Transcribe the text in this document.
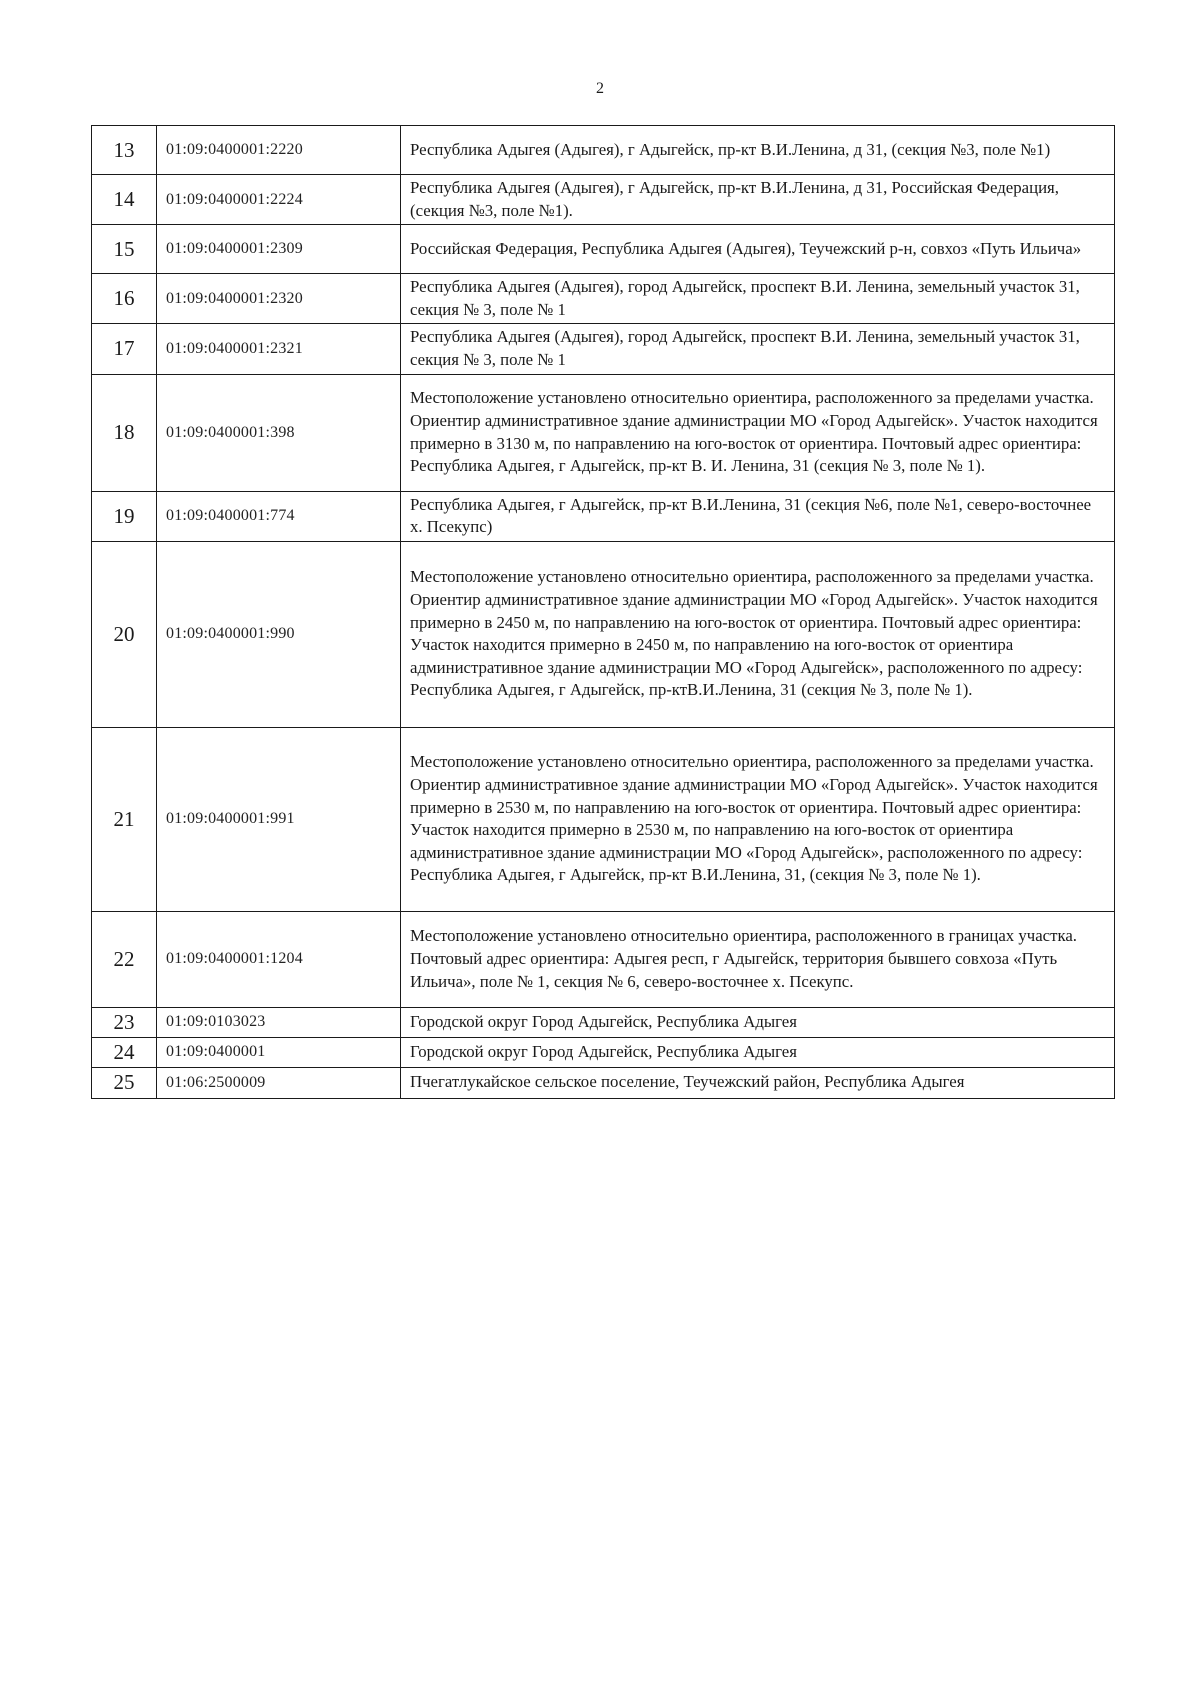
2
13	01:09:0400001:2220	Республика Адыгея (Адыгея), г Адыгейск, пр-кт В.И.Ленина, д 31, (секция №3, поле №1)
14	01:09:0400001:2224	Республика Адыгея (Адыгея), г Адыгейск, пр-кт В.И.Ленина, д 31, Российская Федерация, (секция №3, поле №1).
15	01:09:0400001:2309	Российская Федерация, Республика Адыгея (Адыгея), Теучежский р-н, совхоз «Путь Ильича»
16	01:09:0400001:2320	Республика Адыгея (Адыгея), город Адыгейск, проспект В.И. Ленина, земельный участок 31, секция № 3, поле № 1
17	01:09:0400001:2321	Республика Адыгея (Адыгея), город Адыгейск, проспект В.И. Ленина, земельный участок 31, секция № 3, поле № 1
18	01:09:0400001:398	Местоположение установлено относительно ориентира, расположенного за пределами участка. Ориентир административное здание администрации МО «Город Адыгейск». Участок находится примерно в 3130 м, по направлению на юго-восток от ориентира. Почтовый адрес ориентира: Республика Адыгея, г Адыгейск, пр-кт В. И. Ленина, 31 (секция № 3, поле № 1).
19	01:09:0400001:774	Республика Адыгея, г Адыгейск, пр-кт В.И.Ленина, 31 (секция №6, поле №1, северо-восточнее х. Псекупс)
20	01:09:0400001:990	Местоположение установлено относительно ориентира, расположенного за пределами участка. Ориентир административное здание администрации МО «Город Адыгейск». Участок находится примерно в 2450 м, по направлению на юго-восток от ориентира. Почтовый адрес ориентира: Участок находится примерно в 2450 м, по направлению на юго-восток от ориентира административное здание администрации МО «Город Адыгейск», расположенного по адресу: Республика Адыгея, г Адыгейск, пр-ктВ.И.Ленина, 31 (секция № 3, поле № 1).
21	01:09:0400001:991	Местоположение установлено относительно ориентира, расположенного за пределами участка. Ориентир административное здание администрации МО «Город Адыгейск». Участок находится примерно в 2530 м, по направлению на юго-восток от ориентира. Почтовый адрес ориентира: Участок находится примерно в 2530 м, по направлению на юго-восток от ориентира административное здание администрации МО «Город Адыгейск», расположенного по адресу: Республика Адыгея, г Адыгейск, пр-кт В.И.Ленина, 31, (секция № 3, поле № 1).
22	01:09:0400001:1204	Местоположение установлено относительно ориентира, расположенного в границах участка. Почтовый адрес ориентира: Адыгея респ, г Адыгейск, территория бывшего совхоза «Путь Ильича», поле № 1, секция № 6, северо-восточнее х. Псекупс.
23	01:09:0103023	Городской округ Город Адыгейск, Республика Адыгея
24	01:09:0400001	Городской округ Город Адыгейск, Республика Адыгея
25	01:06:2500009	Пчегатлукайское сельское поселение, Теучежский район, Республика Адыгея
